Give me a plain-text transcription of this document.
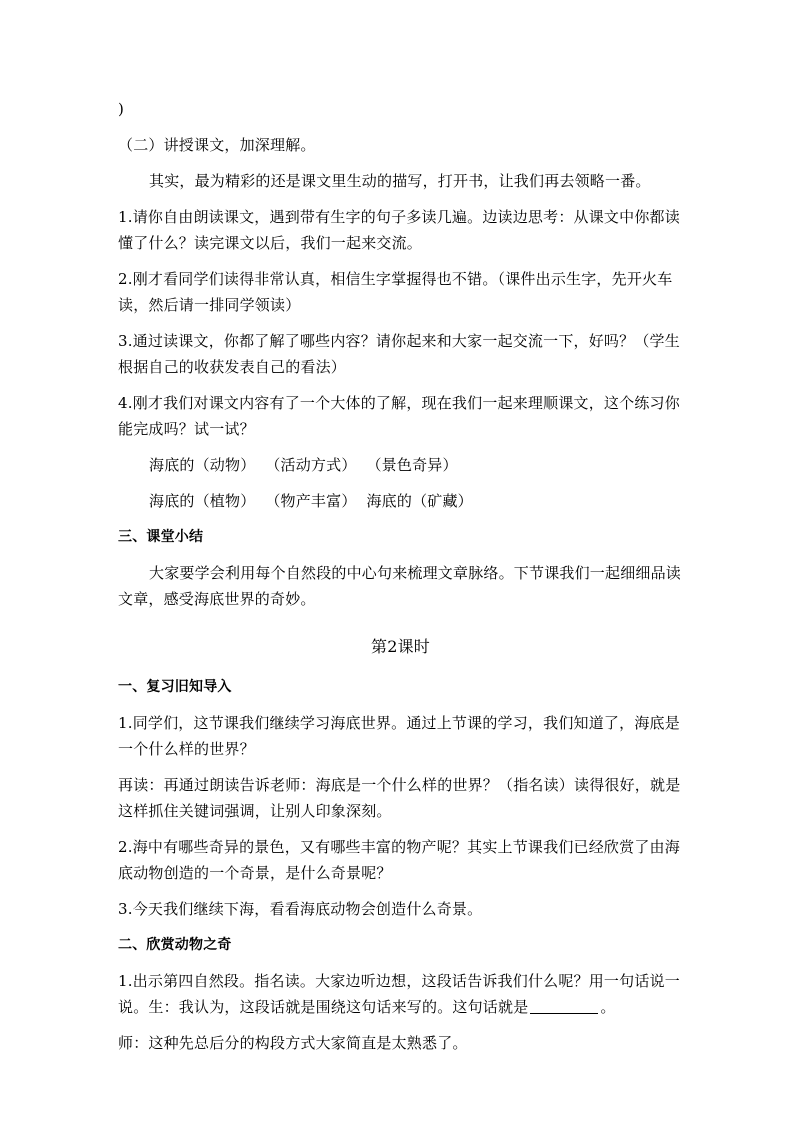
)

（二）讲授课文，加深理解。

其实，最为精彩的还是课文里生动的描写，打开书，让我们再去领略一番。

1.请你自由朗读课文，遇到带有生字的句子多读几遍。边读边思考：从课文中你都读懂了什么？读完课文以后，我们一起来交流。

2.刚才看同学们读得非常认真，相信生字掌握得也不错。（课件出示生字，先开火车读，然后请一排同学领读）

3.通过读课文，你都了解了哪些内容？请你起来和大家一起交流一下，好吗？（学生根据自己的收获发表自己的看法）

4.刚才我们对课文内容有了一个大体的了解，现在我们一起来理顺课文，这个练习你能完成吗？试一试？

海底的（动物）  （活动方式）  （景色奇异）

海底的（植物）  （物产丰富）  海底的（矿藏）

三、课堂小结

大家要学会利用每个自然段的中心句来梳理文章脉络。下节课我们一起细细品读文章，感受海底世界的奇妙。

第2课时

一、复习旧知导入

1.同学们，这节课我们继续学习海底世界。通过上节课的学习，我们知道了，海底是一个什么样的世界？

再读：再通过朗读告诉老师：海底是一个什么样的世界？（指名读）读得很好，就是这样抓住关键词强调，让别人印象深刻。

2.海中有哪些奇异的景色，又有哪些丰富的物产呢？其实上节课我们已经欣赏了由海底动物创造的一个奇景，是什么奇景呢？

3.今天我们继续下海，看看海底动物会创造什么奇景。

二、欣赏动物之奇

1.出示第四自然段。指名读。大家边听边想，这段话告诉我们什么呢？用一句话说一说。生：我认为，这段话就是围绕这句话来写的。这句话就是	。

师：这种先总后分的构段方式大家简直是太熟悉了。
